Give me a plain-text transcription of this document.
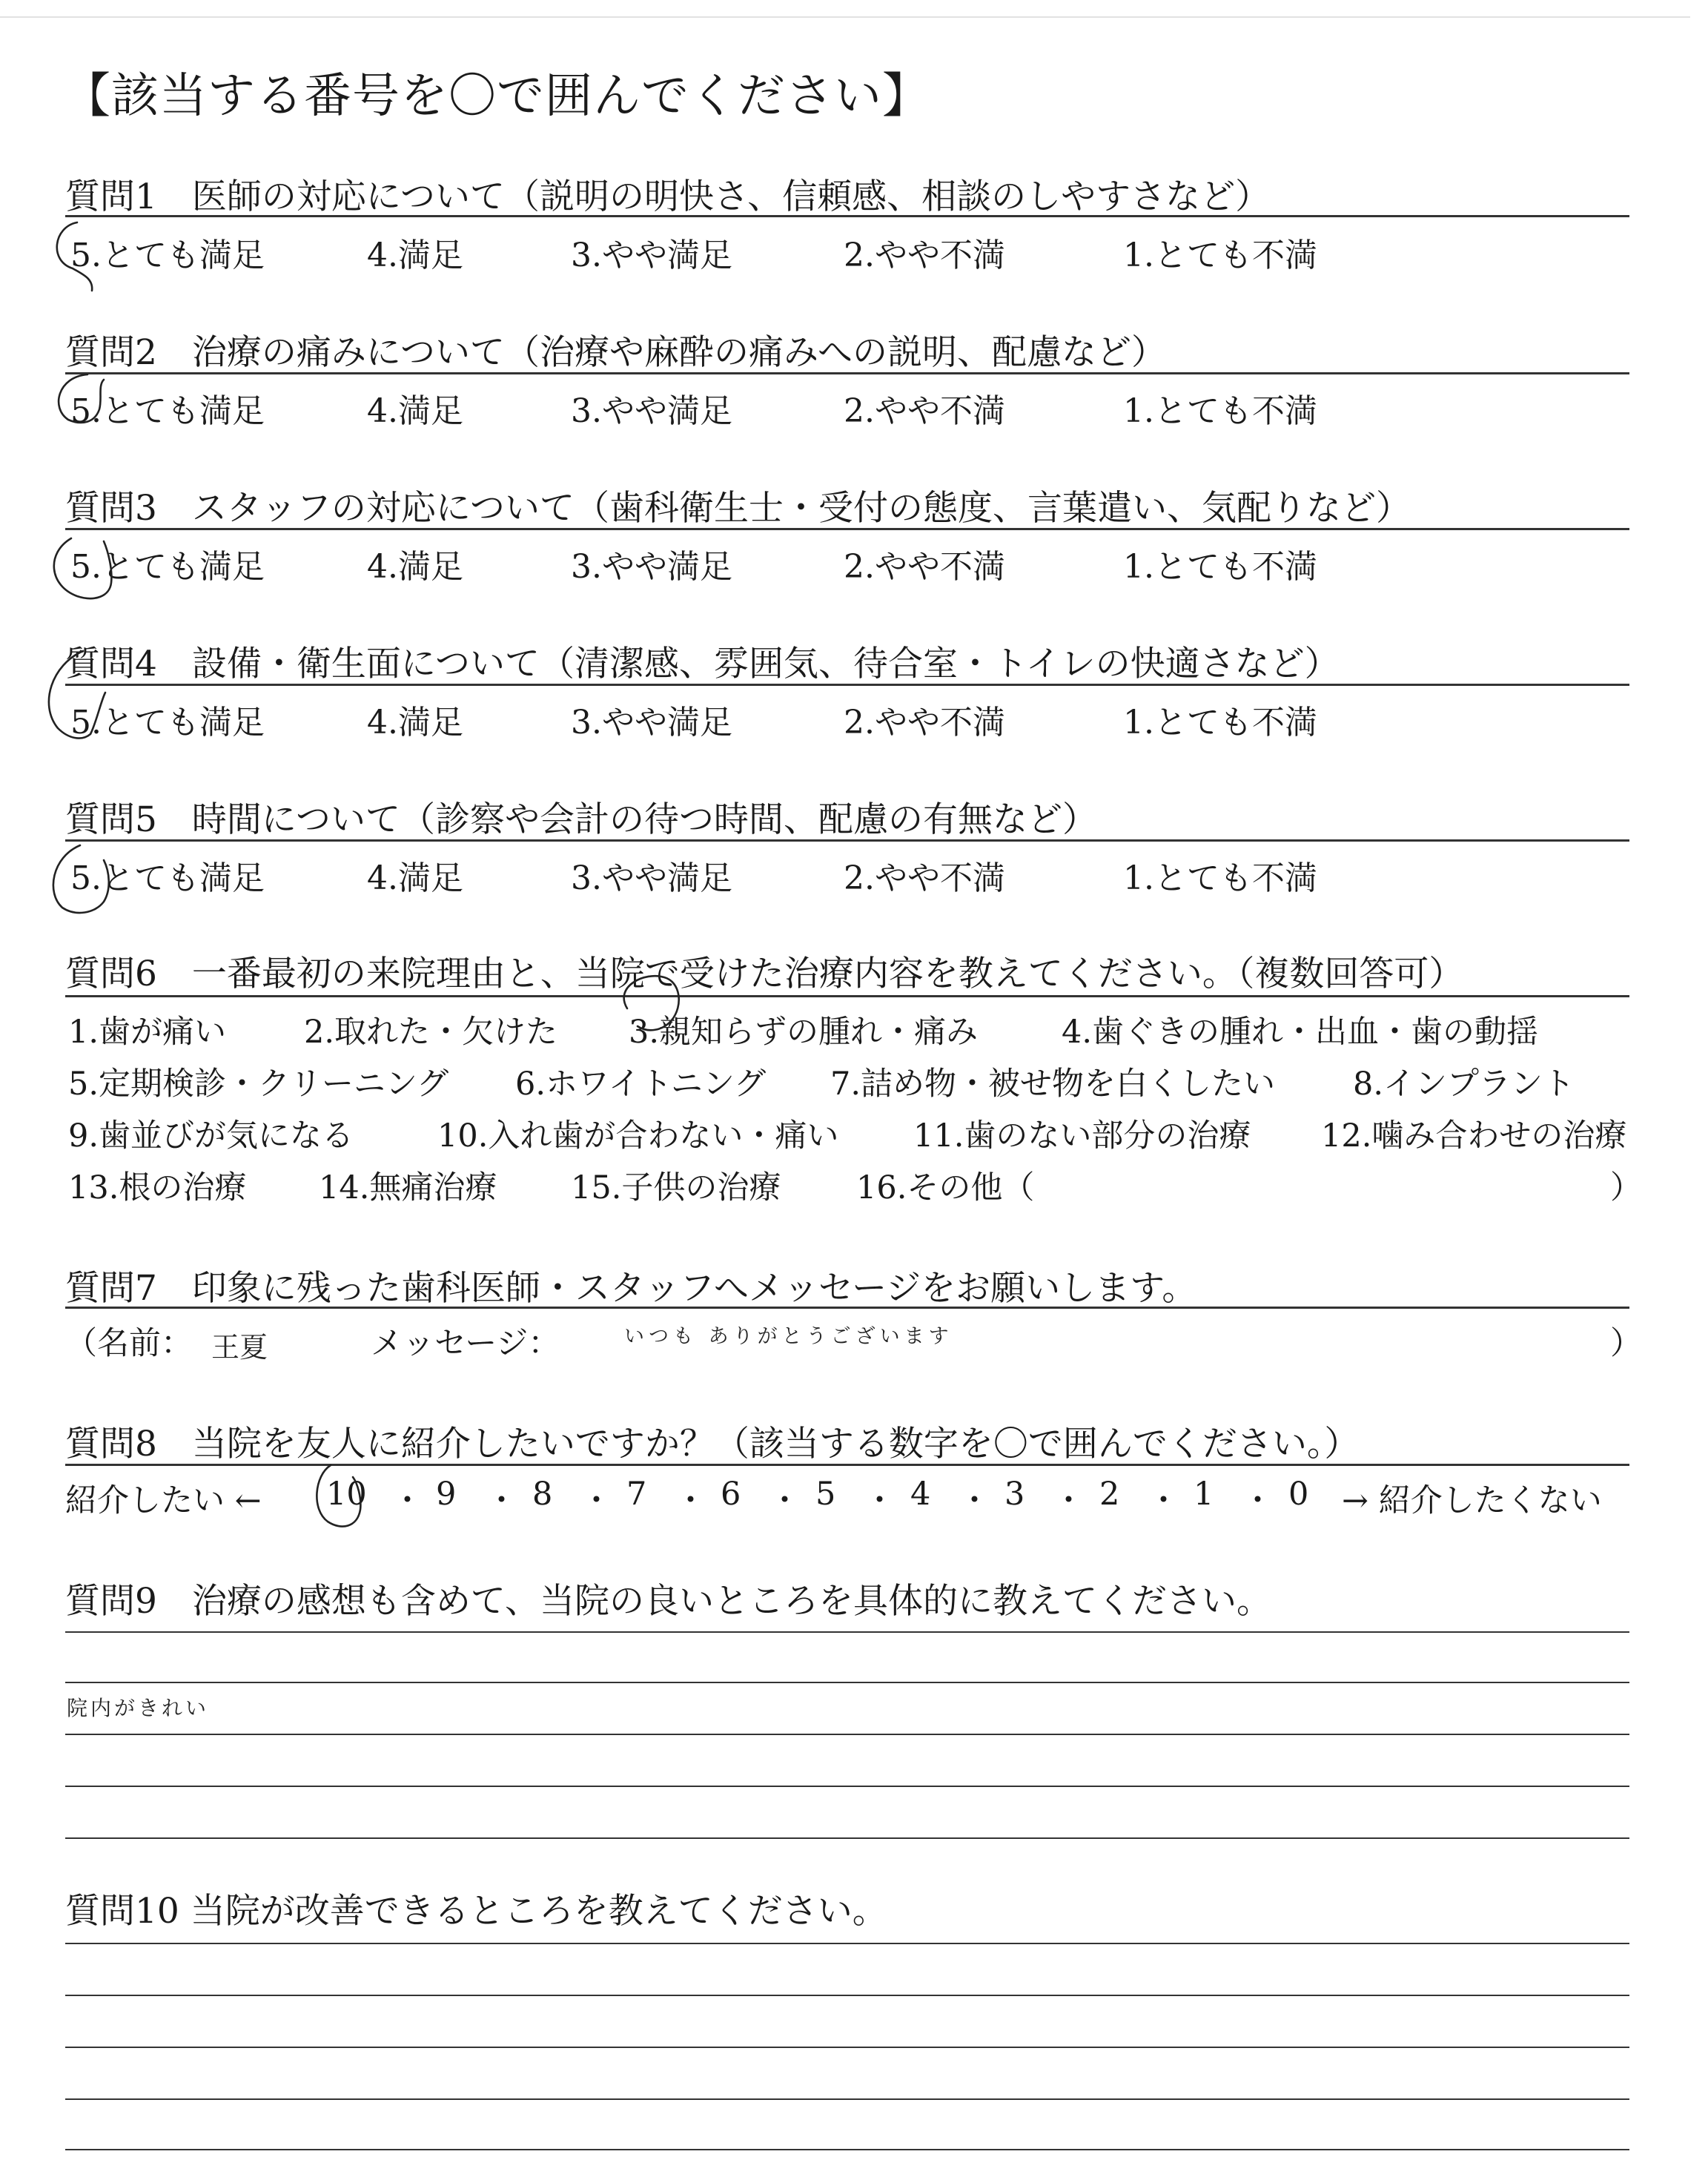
【該当する番号を〇で囲んでください】
質問1　医師の対応について（説明の明快さ、信頼感、相談のしやすさなど）
5.とても満足	4.満足	3.やや満足	2.やや不満	1.とても不満
質問2　治療の痛みについて（治療や麻酔の痛みへの説明、配慮など）
5.とても満足	4.満足	3.やや満足	2.やや不満	1.とても不満
質問3　スタッフの対応について（歯科衛生士・受付の態度、言葉遣い、気配りなど）
5.とても満足	4.満足	3.やや満足	2.やや不満	1.とても不満
質問4　設備・衛生面について（清潔感、雰囲気、待合室・トイレの快適さなど）
5.とても満足	4.満足	3.やや満足	2.やや不満	1.とても不満
質問5　時間について（診察や会計の待つ時間、配慮の有無など）
5.とても満足	4.満足	3.やや満足	2.やや不満	1.とても不満
質問6　一番最初の来院理由と、当院で受けた治療内容を教えてください。（複数回答可）
1.歯が痛い 2.取れた・欠けた 3.親知らずの腫れ・痛み	4.歯ぐきの腫れ・出血・歯の動揺
5.定期検診・クリーニング 6.ホワイトニング 7.詰め物・被せ物を白くしたい 8.インプラント
9.歯並びが気になる	10.入れ歯が合わない・痛い 11.歯のない部分の治療 12.噛み合わせの治療
13.根の治療 14.無痛治療 15.子供の治療 16.その他（	）
質問7　印象に残った歯科医師・スタッフへメッセージをお願いします。
（名前： 王夏	メッセージ：	いつも ありがとうございます	）
質問8　当院を友人に紹介したいですか？（該当する数字を〇で囲んでください。）
紹介したい ← 10 ・ 9 ・ 8 ・ 7 ・ 6 ・ 5 ・ 4 ・ 3 ・ 2 ・ 1 ・ 0 → 紹介したくない
質問9　治療の感想も含めて、当院の良いところを具体的に教えてください。
院内がきれい
質問10 当院が改善できるところを教えてください。
